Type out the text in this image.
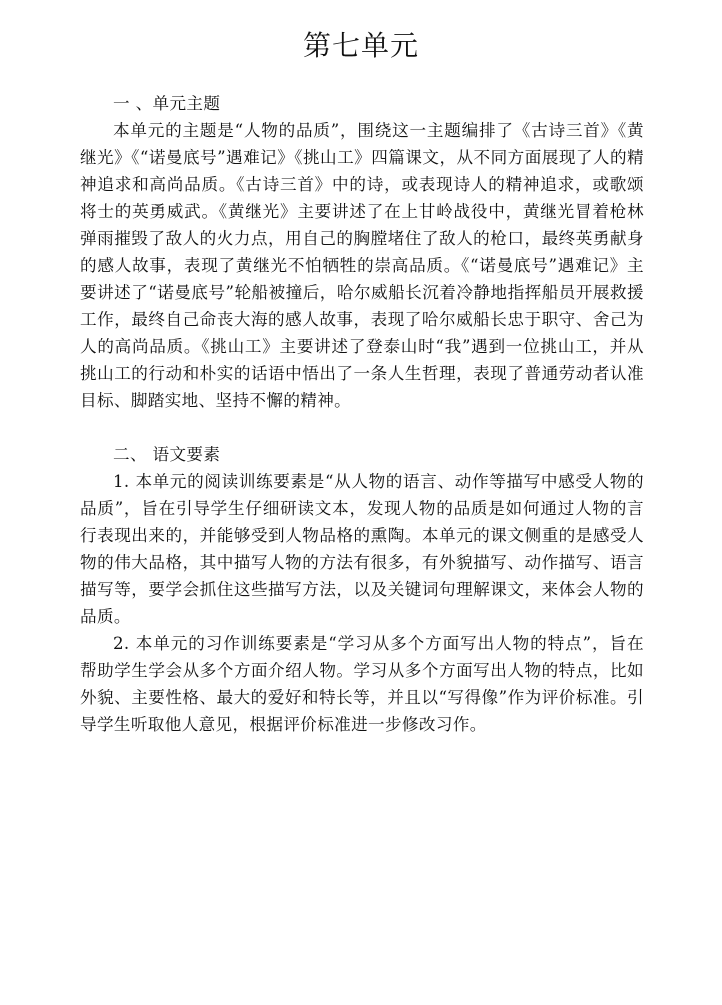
第七单元

一 、单元主题

本单元的主题是“人物的品质”，围绕这一主题编排了《古诗三首》《黄继光》《“诺曼底号”遇难记》《挑山工》四篇课文，从不同方面展现了人的精神追求和高尚品质。《古诗三首》中的诗，或表现诗人的精神追求，或歌颂将士的英勇威武。《黄继光》主要讲述了在上甘岭战役中，黄继光冒着枪林弹雨摧毁了敌人的火力点，用自己的胸膛堵住了敌人的枪口，最终英勇献身的感人故事，表现了黄继光不怕牺牲的崇高品质。《“诺曼底号”遇难记》主要讲述了“诺曼底号”轮船被撞后，哈尔威船长沉着冷静地指挥船员开展救援工作，最终自己命丧大海的感人故事，表现了哈尔威船长忠于职守、舍己为人的高尚品质。《挑山工》主要讲述了登泰山时“我”遇到一位挑山工，并从挑山工的行动和朴实的话语中悟出了一条人生哲理，表现了普通劳动者认准目标、脚踏实地、坚持不懈的精神。

二、 语文要素

1. 本单元的阅读训练要素是“从人物的语言、动作等描写中感受人物的品质”，旨在引导学生仔细研读文本，发现人物的品质是如何通过人物的言行表现出来的，并能够受到人物品格的熏陶。本单元的课文侧重的是感受人物的伟大品格，其中描写人物的方法有很多，有外貌描写、动作描写、语言描写等，要学会抓住这些描写方法，以及关键词句理解课文，来体会人物的品质。

2. 本单元的习作训练要素是“学习从多个方面写出人物的特点”，旨在帮助学生学会从多个方面介绍人物。学习从多个方面写出人物的特点，比如外貌、主要性格、最大的爱好和特长等，并且以“写得像”作为评价标准。引导学生听取他人意见，根据评价标准进一步修改习作。
